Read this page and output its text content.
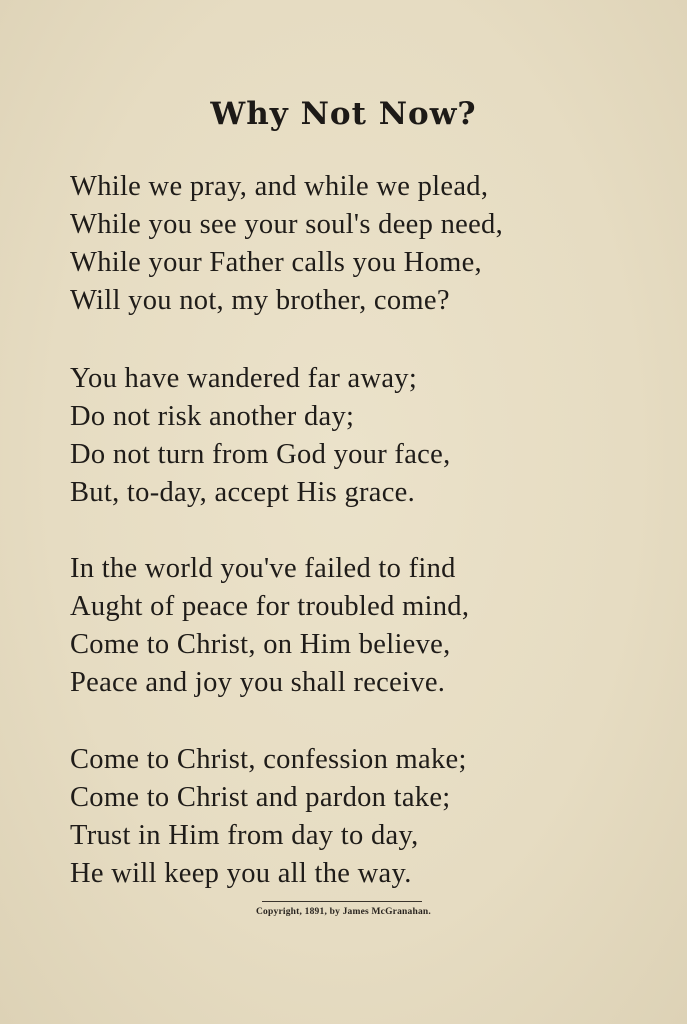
Why Not Now?
While we pray, and while we plead,
While you see your soul's deep need,
While your Father calls you Home,
Will you not, my brother, come?
You have wandered far away;
Do not risk another day;
Do not turn from God your face,
But, to-day, accept His grace.
In the world you've failed to find
Aught of peace for troubled mind,
Come to Christ, on Him believe,
Peace and joy you shall receive.
Come to Christ, confession make;
Come to Christ and pardon take;
Trust in Him from day to day,
He will keep you all the way.
Copyright, 1891, by James McGranahan.
